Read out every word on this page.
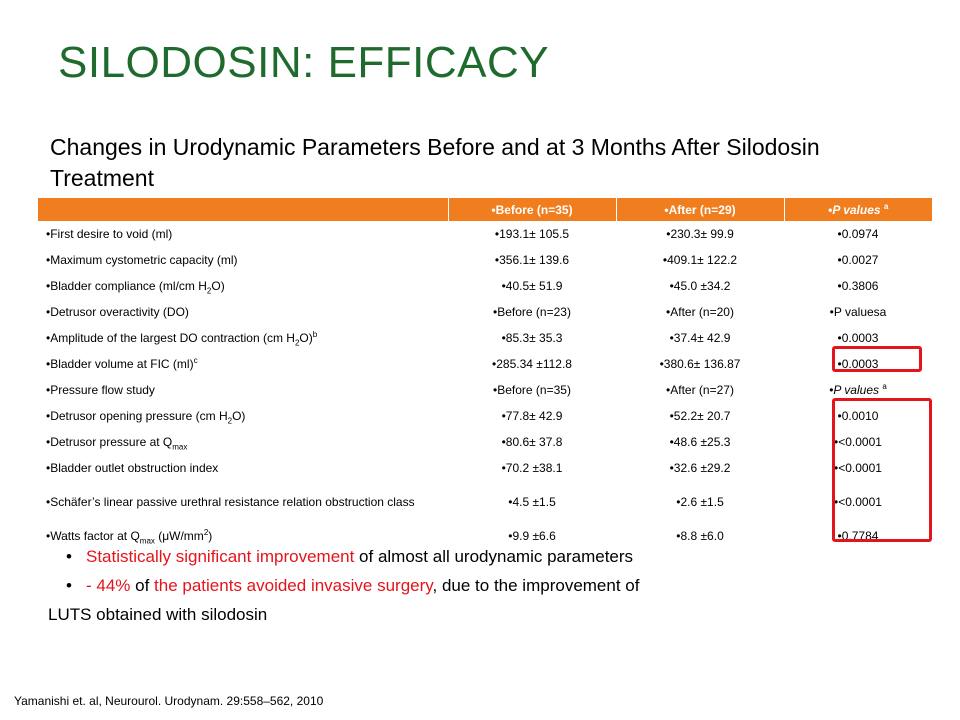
SILODOSIN: EFFICACY

Changes in Urodynamic Parameters Before and at 3 Months After Silodosin Treatment

	• Before (n=35)	•After (n=29)	•P values $^a$
• First desire to void (ml)	•193.1± 105.5	•230.3± 99.9	•0.0974
• Maximum cystometric capacity (ml)	•356.1± 139.6	•409.1± 122.2	•0.0027
• Bladder compliance (ml/cm $H_2O$)	•40.5± 51.9	•45.0 ±34.2	•0.3806
• Detrusor overactivity (DO)	•Before (n=23)	•After (n=20)	•P valuesa
• Amplitude of the largest DO contraction (cm $H_2O)^b$	•85.3± 35.3	•37.4± 42.9	•0.0003
• Bladder volume at FIC (ml)$^c$	•285.34 ±112.8	•380.6± 136.87	•0.0003
• Pressure flow study	•Before (n=35)	•After (n=27)	•P values $^a$
• Detrusor opening pressure (cm $H_2O$)	•77.8± 42.9	•52.2± 20.7	•0.0010
• Detrusor pressure at $Q_{max}$	•80.6± 37.8	•48.6 ±25.3	•<0.0001
• Bladder outlet obstruction index	•70.2 ±38.1	•32.6 ±29.2	•<0.0001
• Schäfer’s linear passive urethral resistance relation obstruction class	•4.5 ±1.5	•2.6 ±1.5	•<0.0001
• Watts factor at $Q_{max}$ $(\mu W/mm^2)$	•9.9 ±6.6	•8.8 ±6.0	•0.7784
• Statistically significant improvement of almost all urodynamic parameters
• - 44% of the patients avoided invasive surgery, due to the improvement of
LUTS obtained with silodosin
Yamanishi et. al, Neurourol. Urodynam. 29:558–562, 2010
